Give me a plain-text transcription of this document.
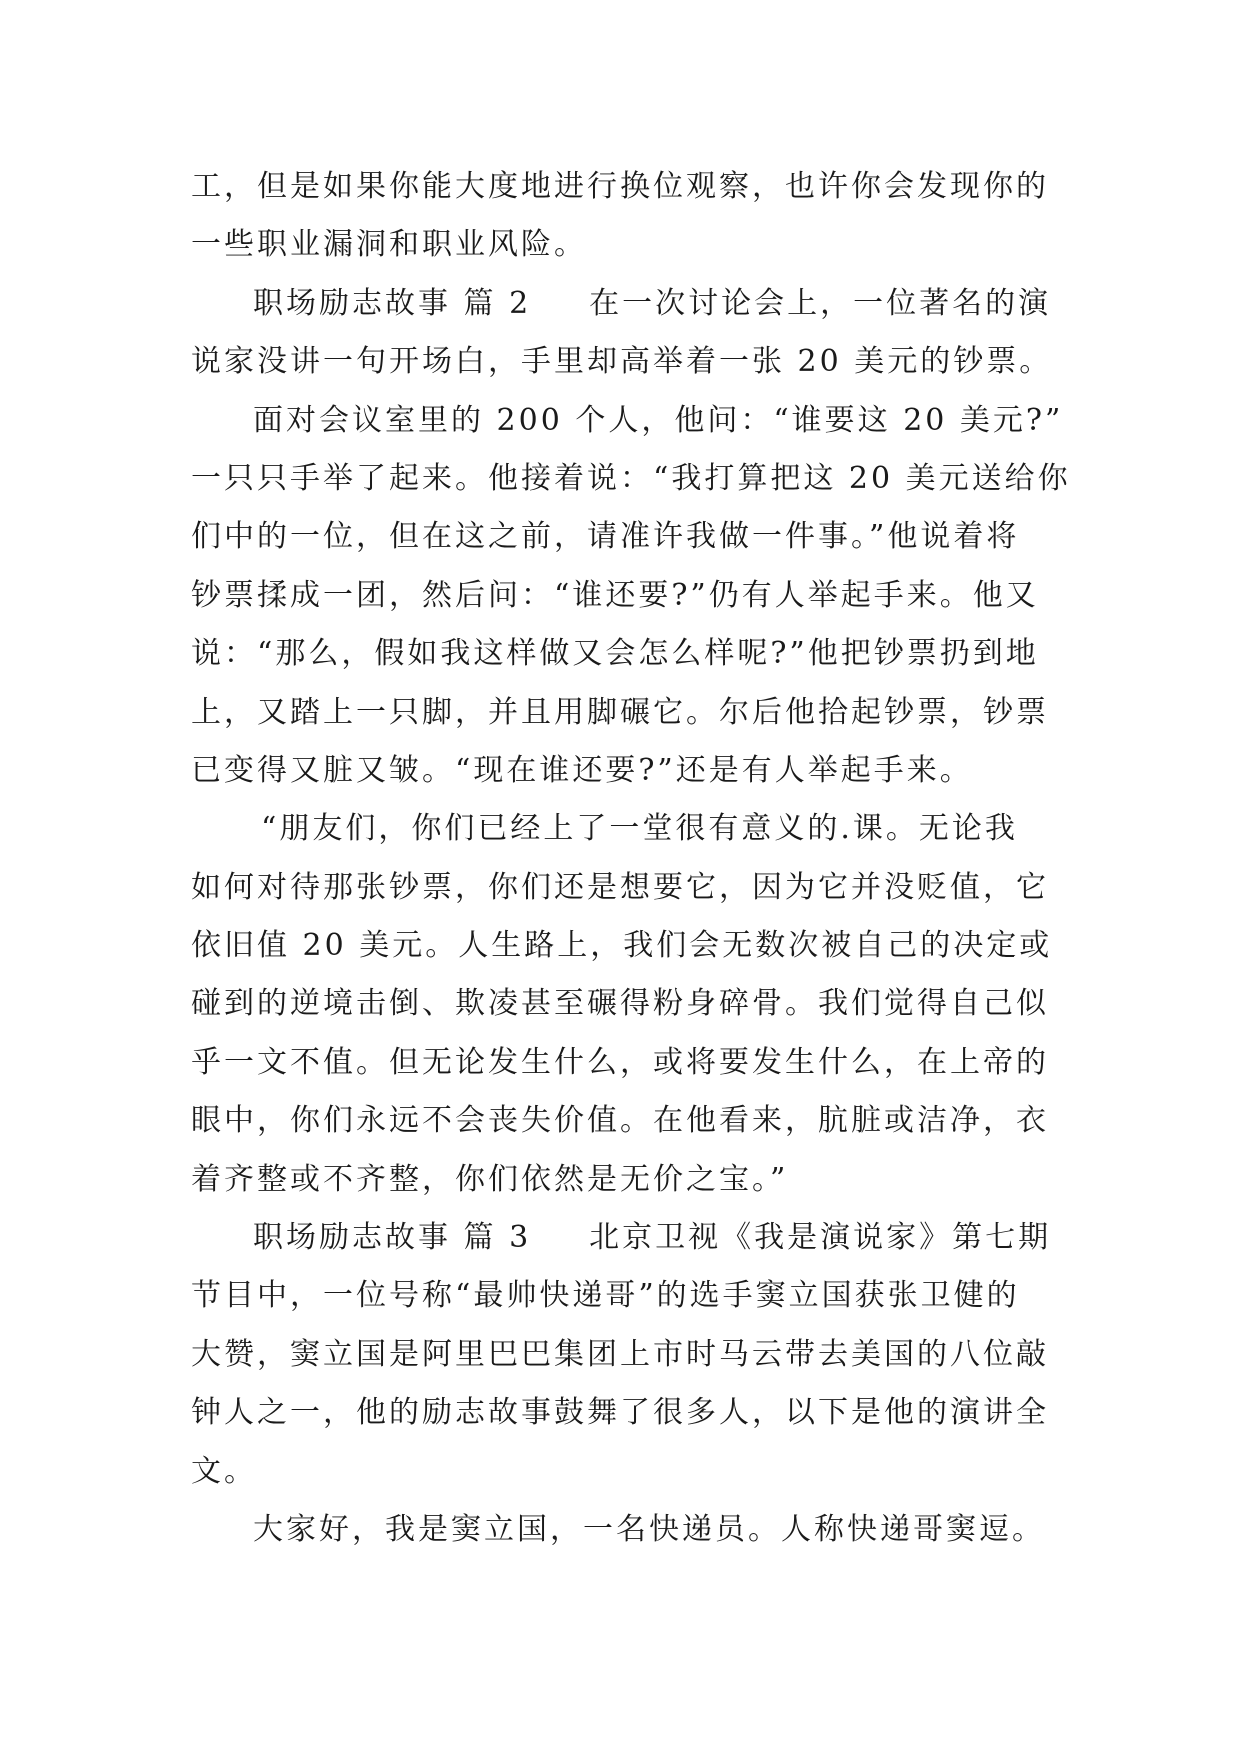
工，但是如果你能大度地进行换位观察，也许你会发现你的
一些职业漏洞和职业风险。
职场励志故事 篇 2 在一次讨论会上，一位著名的演
说家没讲一句开场白，手里却高举着一张 20 美元的钞票。
面对会议室里的 200 个人，他问：“谁要这 20 美元?”
一只只手举了起来。他接着说：“我打算把这 20 美元送给你
们中的一位，但在这之前，请准许我做一件事。”他说着将
钞票揉成一团，然后问：“谁还要?”仍有人举起手来。他又
说：“那么，假如我这样做又会怎么样呢?”他把钞票扔到地
上，又踏上一只脚，并且用脚碾它。尔后他拾起钞票，钞票
已变得又脏又皱。“现在谁还要?”还是有人举起手来。
“朋友们，你们已经上了一堂很有意义的.课。无论我
如何对待那张钞票，你们还是想要它，因为它并没贬值，它
依旧值 20 美元。人生路上，我们会无数次被自己的决定或
碰到的逆境击倒、欺凌甚至碾得粉身碎骨。我们觉得自己似
乎一文不值。但无论发生什么，或将要发生什么，在上帝的
眼中，你们永远不会丧失价值。在他看来，肮脏或洁净，衣
着齐整或不齐整，你们依然是无价之宝。”
职场励志故事 篇 3 北京卫视《我是演说家》第七期
节目中，一位号称“最帅快递哥”的选手窦立国获张卫健的
大赞，窦立国是阿里巴巴集团上市时马云带去美国的八位敲
钟人之一，他的励志故事鼓舞了很多人，以下是他的演讲全
文。
大家好，我是窦立国，一名快递员。人称快递哥窦逗。
